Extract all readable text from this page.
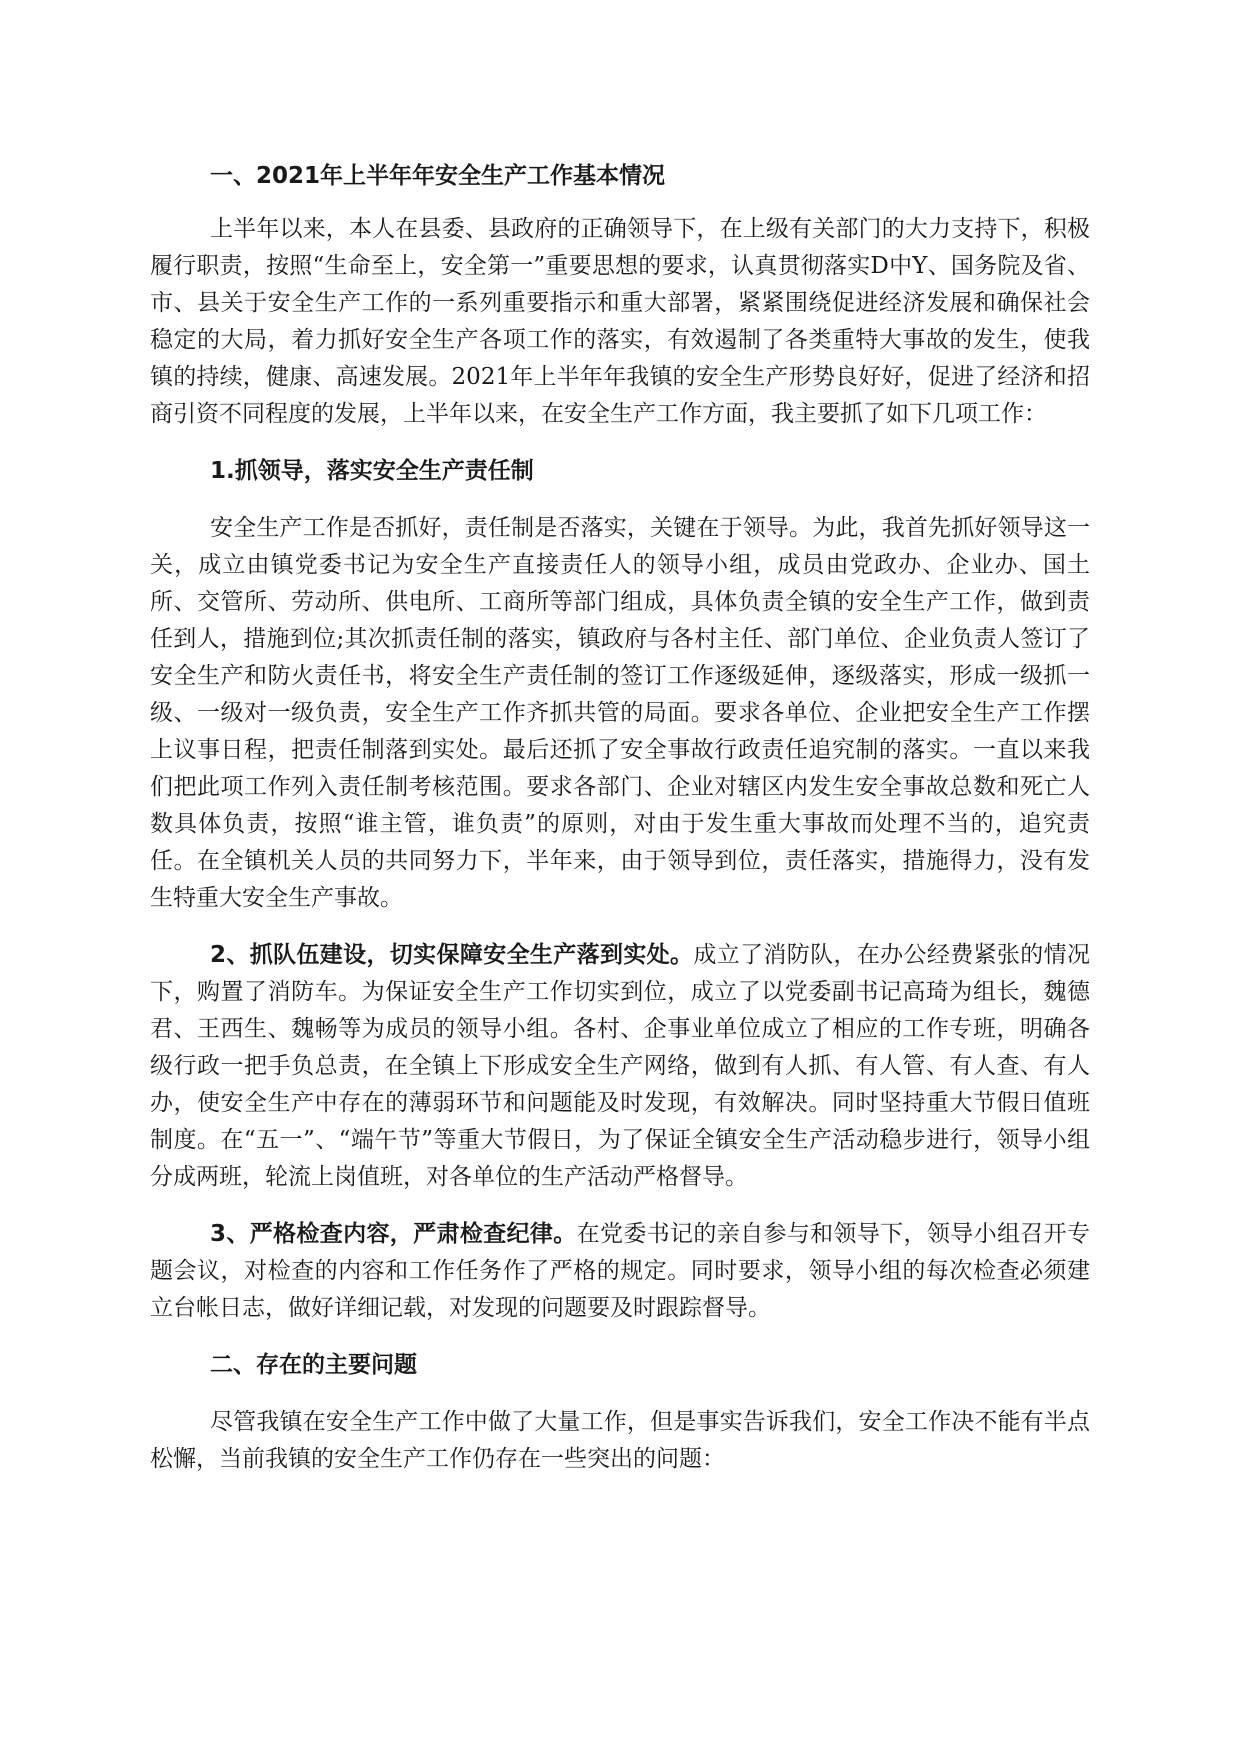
一、2021年上半年年安全生产工作基本情况

上半年以来，本人在县委、县政府的正确领导下，在上级有关部门的大力支持下，积极履行职责，按照“生命至上，安全第一”重要思想的要求，认真贯彻落实D中Y、国务院及省、市、县关于安全生产工作的一系列重要指示和重大部署，紧紧围绕促进经济发展和确保社会稳定的大局，着力抓好安全生产各项工作的落实，有效遏制了各类重特大事故的发生，使我镇的持续，健康、高速发展。2021年上半年年我镇的安全生产形势良好好，促进了经济和招商引资不同程度的发展，上半年以来，在安全生产工作方面，我主要抓了如下几项工作：

1.抓领导，落实安全生产责任制

安全生产工作是否抓好，责任制是否落实，关键在于领导。为此，我首先抓好领导这一关，成立由镇党委书记为安全生产直接责任人的领导小组，成员由党政办、企业办、国土所、交管所、劳动所、供电所、工商所等部门组成，具体负责全镇的安全生产工作，做到责任到人，措施到位;其次抓责任制的落实，镇政府与各村主任、部门单位、企业负责人签订了安全生产和防火责任书，将安全生产责任制的签订工作逐级延伸，逐级落实，形成一级抓一级、一级对一级负责，安全生产工作齐抓共管的局面。要求各单位、企业把安全生产工作摆上议事日程，把责任制落到实处。最后还抓了安全事故行政责任追究制的落实。一直以来我们把此项工作列入责任制考核范围。要求各部门、企业对辖区内发生安全事故总数和死亡人数具体负责，按照“谁主管，谁负责”的原则，对由于发生重大事故而处理不当的，追究责任。在全镇机关人员的共同努力下，半年来，由于领导到位，责任落实，措施得力，没有发生特重大安全生产事故。

2、抓队伍建设，切实保障安全生产落到实处。成立了消防队，在办公经费紧张的情况下，购置了消防车。为保证安全生产工作切实到位，成立了以党委副书记高琦为组长，魏德君、王西生、魏畅等为成员的领导小组。各村、企事业单位成立了相应的工作专班，明确各级行政一把手负总责，在全镇上下形成安全生产网络，做到有人抓、有人管、有人查、有人办，使安全生产中存在的薄弱环节和问题能及时发现，有效解决。同时坚持重大节假日值班制度。在“五一”、“端午节”等重大节假日，为了保证全镇安全生产活动稳步进行，领导小组分成两班，轮流上岗值班，对各单位的生产活动严格督导。

3、严格检查内容，严肃检查纪律。在党委书记的亲自参与和领导下，领导小组召开专题会议，对检查的内容和工作任务作了严格的规定。同时要求，领导小组的每次检查必须建立台帐日志，做好详细记载，对发现的问题要及时跟踪督导。

二、存在的主要问题

尽管我镇在安全生产工作中做了大量工作，但是事实告诉我们，安全工作决不能有半点松懈，当前我镇的安全生产工作仍存在一些突出的问题：
